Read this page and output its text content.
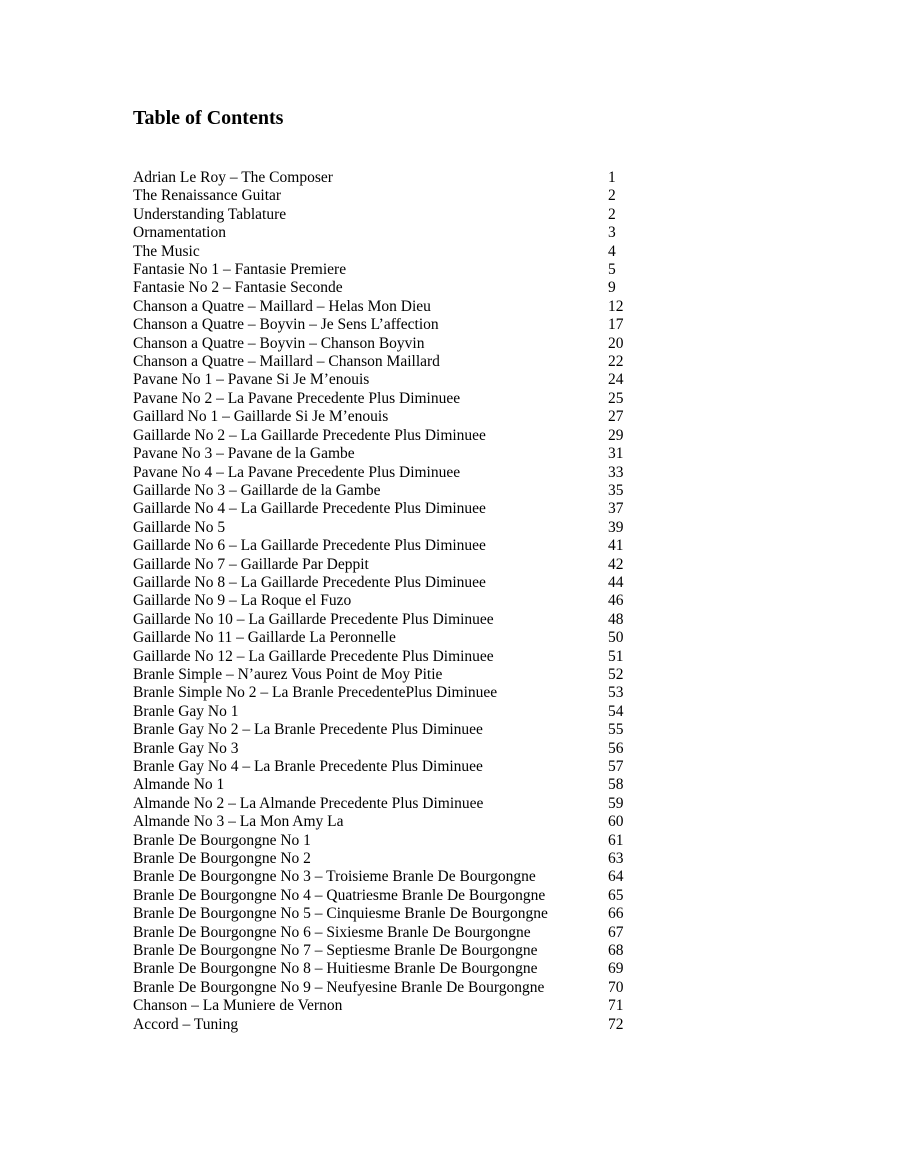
Table of Contents
Adrian Le Roy – The Composer	1
The Renaissance Guitar	2
Understanding Tablature	2
Ornamentation	3
The Music	4
Fantasie No 1 – Fantasie Premiere	5
Fantasie No 2 – Fantasie Seconde	9
Chanson a Quatre – Maillard – Helas Mon Dieu	12
Chanson a Quatre – Boyvin – Je Sens L’affection	17
Chanson a Quatre – Boyvin – Chanson Boyvin	20
Chanson a Quatre – Maillard – Chanson Maillard	22
Pavane No 1 – Pavane Si Je M’enouis	24
Pavane No 2 – La Pavane Precedente Plus Diminuee	25
Gaillard No 1 – Gaillarde Si Je M’enouis	27
Gaillarde No 2 – La Gaillarde Precedente Plus Diminuee	29
Pavane No 3 – Pavane de la Gambe	31
Pavane No 4 – La Pavane Precedente Plus Diminuee	33
Gaillarde No 3 – Gaillarde de la Gambe	35
Gaillarde No 4 – La Gaillarde Precedente Plus Diminuee	37
Gaillarde No 5	39
Gaillarde No 6 – La Gaillarde Precedente Plus Diminuee	41
Gaillarde No 7 – Gaillarde Par Deppit	42
Gaillarde No 8 – La Gaillarde Precedente Plus Diminuee	44
Gaillarde No 9 – La Roque el Fuzo	46
Gaillarde No 10 – La Gaillarde Precedente Plus Diminuee	48
Gaillarde No 11 – Gaillarde La Peronnelle	50
Gaillarde No 12 – La Gaillarde Precedente Plus Diminuee	51
Branle Simple – N’aurez Vous Point de Moy Pitie	52
Branle Simple No 2 – La Branle PrecedentePlus Diminuee	53
Branle Gay No 1	54
Branle Gay No 2 – La Branle Precedente Plus Diminuee	55
Branle Gay No 3	56
Branle Gay No 4 – La Branle Precedente Plus Diminuee	57
Almande No 1	58
Almande No 2 – La Almande Precedente Plus Diminuee	59
Almande No 3 – La Mon Amy La	60
Branle De Bourgongne No 1	61
Branle De Bourgongne No 2	63
Branle De Bourgongne No 3 – Troisieme Branle De Bourgongne	64
Branle De Bourgongne No 4 – Quatriesme Branle De Bourgongne	65
Branle De Bourgongne No 5 – Cinquiesme Branle De Bourgongne	66
Branle De Bourgongne No 6 – Sixiesme Branle De Bourgongne	67
Branle De Bourgongne No 7 – Septiesme Branle De Bourgongne	68
Branle De Bourgongne No 8 – Huitiesme Branle De Bourgongne	69
Branle De Bourgongne No 9 – Neufyesine Branle De Bourgongne	70
Chanson – La Muniere de Vernon	71
Accord – Tuning	72
